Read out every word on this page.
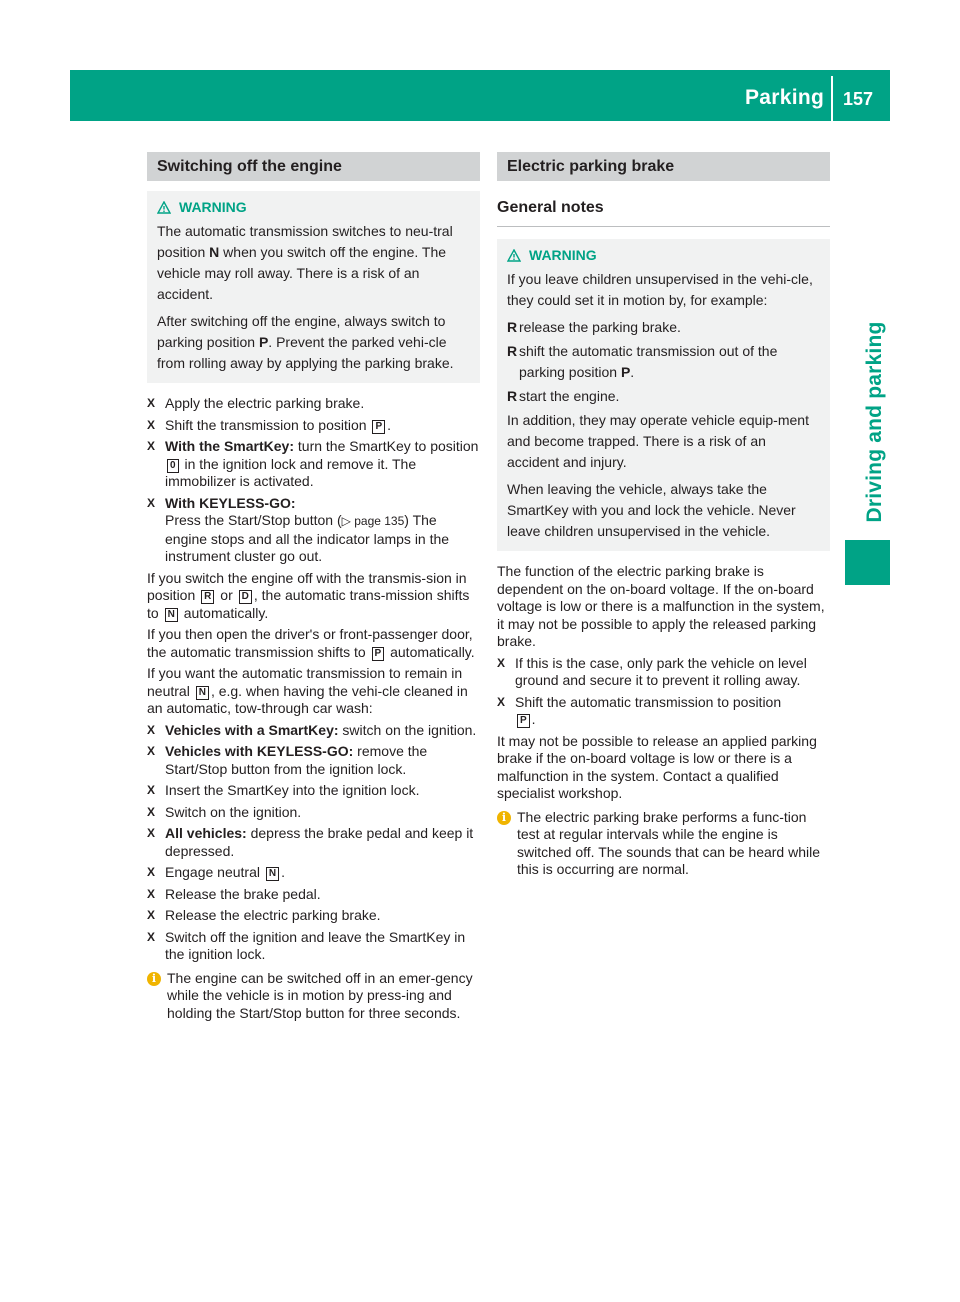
Parking 157
Driving and parking
Switching off the engine
WARNING

The automatic transmission switches to neu-tral position N when you switch off the engine. The vehicle may roll away. There is a risk of an accident.

After switching off the engine, always switch to parking position P. Prevent the parked vehi-cle from rolling away by applying the parking brake.

X Apply the electric parking brake.
X Shift the transmission to position P .
X With the SmartKey: turn the SmartKey to position 0 in the ignition lock and remove it. The immobilizer is activated.
X With KEYLESS-GO:
Press the Start/Stop button (▷ page 135) The engine stops and all the indicator lamps in the instrument cluster go out.

If you switch the engine off with the transmis-sion in position R or D , the automatic trans-mission shifts to N automatically.

If you then open the driver's or front-passenger door, the automatic transmission shifts to P automatically.

If you want the automatic transmission to remain in neutral N , e.g. when having the vehi-cle cleaned in an automatic, tow-through car wash:

X Vehicles with a SmartKey: switch on the ignition.
X Vehicles with KEYLESS-GO: remove the Start/Stop button from the ignition lock.
X Insert the SmartKey into the ignition lock.
X Switch on the ignition.
X All vehicles: depress the brake pedal and keep it depressed.
X Engage neutral N .
X Release the brake pedal.
X Release the electric parking brake.
X Switch off the ignition and leave the SmartKey in the ignition lock.
i The engine can be switched off in an emer-gency while the vehicle is in motion by press-ing and holding the Start/Stop button for three seconds.
Electric parking brake
General notes
WARNING

If you leave children unsupervised in the vehi-cle, they could set it in motion by, for example:

R release the parking brake.
R shift the automatic transmission out of the parking position P.
R start the engine.

In addition, they may operate vehicle equip-ment and become trapped. There is a risk of an accident and injury.

When leaving the vehicle, always take the SmartKey with you and lock the vehicle. Never leave children unsupervised in the vehicle.

The function of the electric parking brake is dependent on the on-board voltage. If the on-board voltage is low or there is a malfunction in the system, it may not be possible to apply the released parking brake.

X If this is the case, only park the vehicle on level ground and secure it to prevent it rolling away.
X Shift the automatic transmission to position
P .

It may not be possible to release an applied parking brake if the on-board voltage is low or there is a malfunction in the system. Contact a qualified specialist workshop.

i The electric parking brake performs a func-tion test at regular intervals while the engine is switched off. The sounds that can be heard while this is occurring are normal.
